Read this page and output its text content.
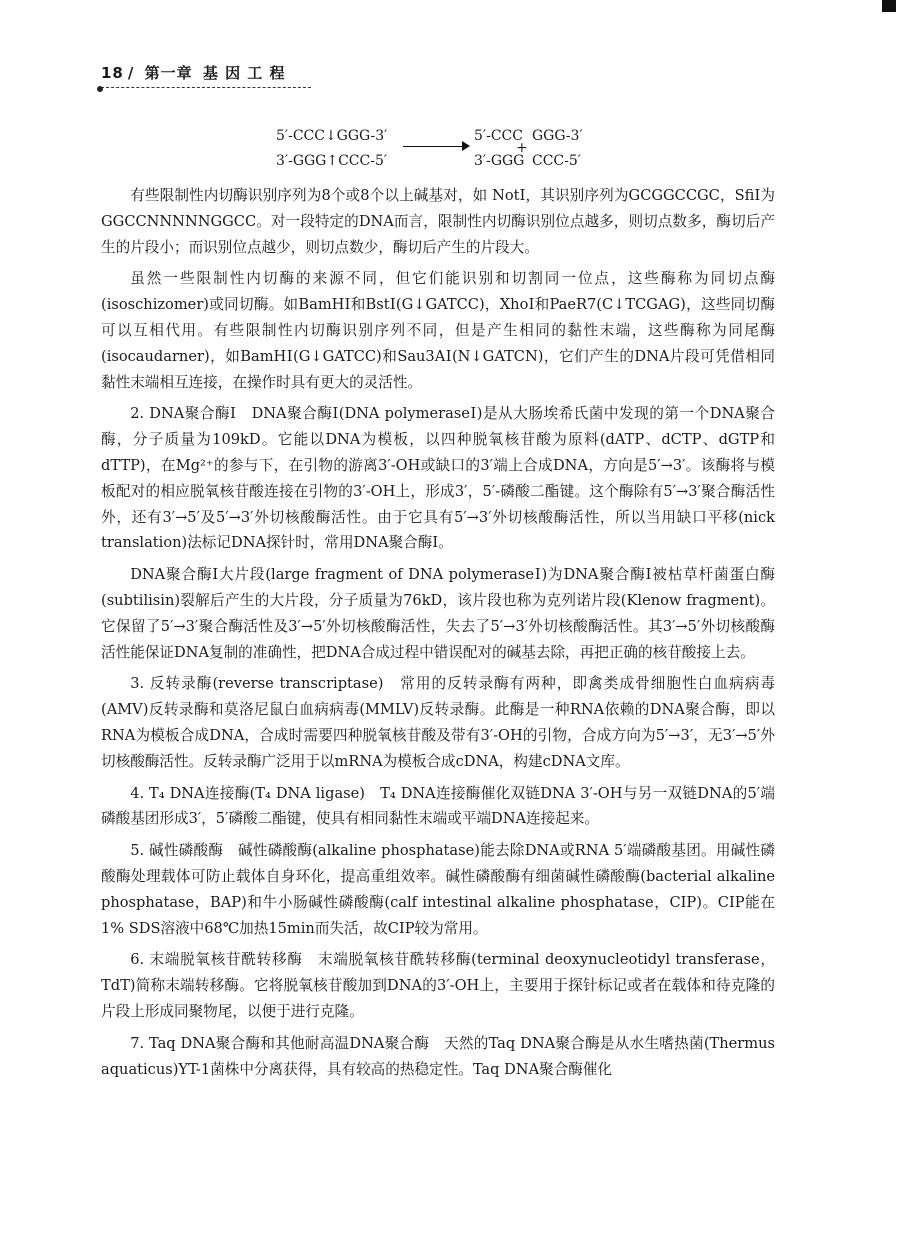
18 / 第一章 基 因 工 程
5′-CCC↓GGG-3′
3′-GGG↑CCC-5′
5′-CCC GGG-3′
+
3′-GGG CCC-5′

有些限制性内切酶识别序列为8个或8个以上碱基对，如 NotⅠ，其识别序列为GCGGCCGC，SfiⅠ为GGCCNNNNNGGCC。对一段特定的DNA而言，限制性内切酶识别位点越多，则切点数多，酶切后产生的片段小；而识别位点越少，则切点数少，酶切后产生的片段大。

虽然一些限制性内切酶的来源不同，但它们能识别和切割同一位点，这些酶称为同切点酶(isoschizomer)或同切酶。如BamHⅠ和BstⅠ(G↓GATCC)，XhoⅠ和PaeR7(C↓TCGAG)，这些同切酶可以互相代用。有些限制性内切酶识别序列不同，但是产生相同的黏性末端，这些酶称为同尾酶(isocaudarner)，如BamHⅠ(G↓GATCC)和Sau3AⅠ(N↓GATCN)，它们产生的DNA片段可凭借相同黏性末端相互连接，在操作时具有更大的灵活性。

2. DNA聚合酶Ⅰ　DNA聚合酶Ⅰ(DNA polymeraseⅠ)是从大肠埃希氏菌中发现的第一个DNA聚合酶，分子质量为109kD。它能以DNA为模板，以四种脱氧核苷酸为原料(dATP、dCTP、dGTP和dTTP)，在Mg²⁺的参与下，在引物的游离3′-OH或缺口的3′端上合成DNA，方向是5′→3′。该酶将与模板配对的相应脱氧核苷酸连接在引物的3′-OH上，形成3′，5′-磷酸二酯键。这个酶除有5′→3′聚合酶活性外，还有3′→5′及5′→3′外切核酸酶活性。由于它具有5′→3′外切核酸酶活性，所以当用缺口平移(nick translation)法标记DNA探针时，常用DNA聚合酶Ⅰ。

DNA聚合酶Ⅰ大片段(large fragment of DNA polymeraseⅠ)为DNA聚合酶Ⅰ被枯草杆菌蛋白酶(subtilisin)裂解后产生的大片段，分子质量为76kD，该片段也称为克列诺片段(Klenow fragment)。它保留了5′→3′聚合酶活性及3′→5′外切核酸酶活性，失去了5′→3′外切核酸酶活性。其3′→5′外切核酸酶活性能保证DNA复制的准确性，把DNA合成过程中错误配对的碱基去除，再把正确的核苷酸接上去。

3. 反转录酶(reverse transcriptase)　常用的反转录酶有两种，即禽类成骨细胞性白血病病毒(AMV)反转录酶和莫洛尼鼠白血病病毒(MMLV)反转录酶。此酶是一种RNA依赖的DNA聚合酶，即以RNA为模板合成DNA，合成时需要四种脱氧核苷酸及带有3′-OH的引物，合成方向为5′→3′，无3′→5′外切核酸酶活性。反转录酶广泛用于以mRNA为模板合成cDNA，构建cDNA文库。

4. T₄ DNA连接酶(T₄ DNA ligase)　T₄ DNA连接酶催化双链DNA 3′-OH与另一双链DNA的5′端磷酸基团形成3′，5′磷酸二酯键，使具有相同黏性末端或平端DNA连接起来。

5. 碱性磷酸酶　碱性磷酸酶(alkaline phosphatase)能去除DNA或RNA 5′端磷酸基团。用碱性磷酸酶处理载体可防止载体自身环化，提高重组效率。碱性磷酸酶有细菌碱性磷酸酶(bacterial alkaline phosphatase，BAP)和牛小肠碱性磷酸酶(calf intestinal alkaline phosphatase，CIP)。CIP能在1% SDS溶液中68℃加热15min而失活，故CIP较为常用。

6. 末端脱氧核苷酰转移酶　末端脱氧核苷酰转移酶(terminal deoxynucleotidyl transferase，TdT)简称末端转移酶。它将脱氧核苷酸加到DNA的3′-OH上，主要用于探针标记或者在载体和待克隆的片段上形成同聚物尾，以便于进行克隆。

7. Taq DNA聚合酶和其他耐高温DNA聚合酶　天然的Taq DNA聚合酶是从水生嗜热菌(Thermus aquaticus)YT-1菌株中分离获得，具有较高的热稳定性。Taq DNA聚合酶催化
